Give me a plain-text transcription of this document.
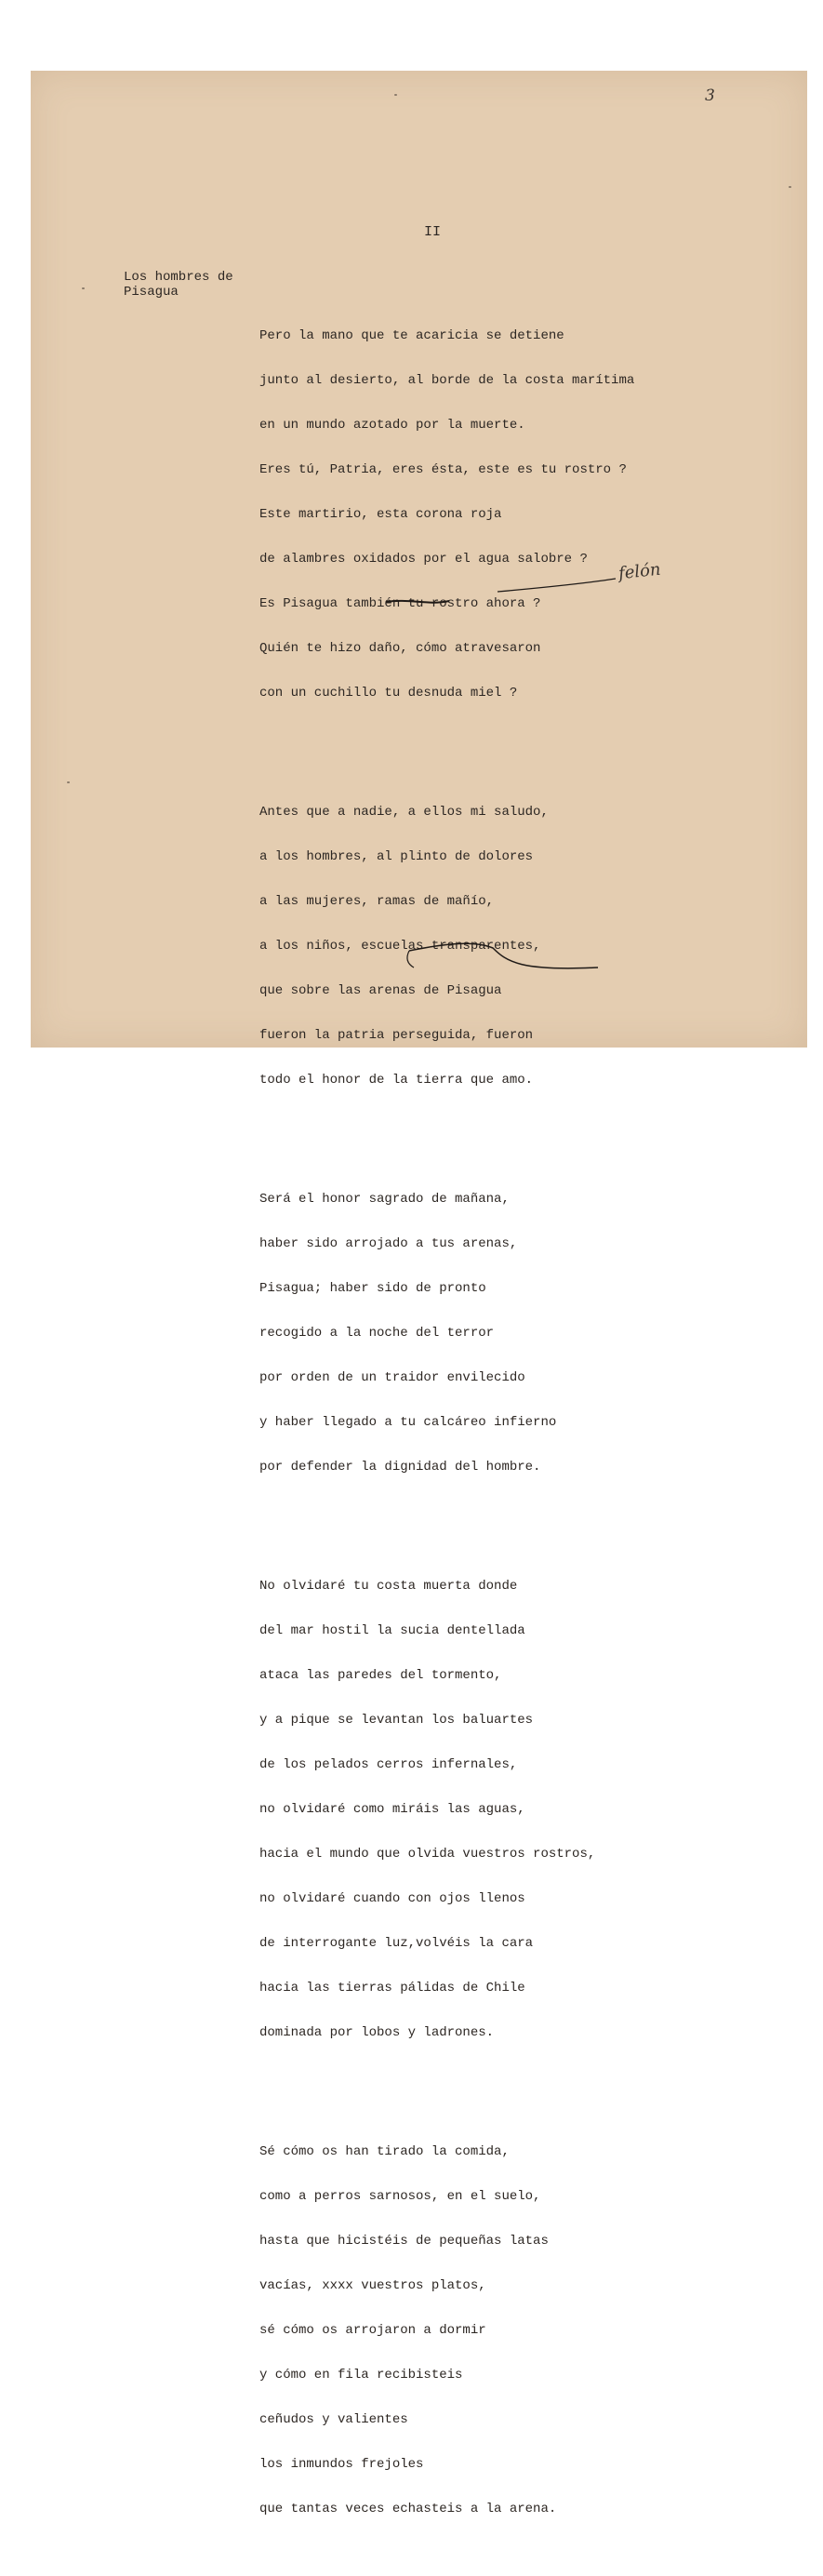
3
II
Los hombres de
Pisagua

Pero la mano que te acaricia se detiene

junto al desierto, al borde de la costa marítima

en un mundo azotado por la muerte.

Eres tú, Patria, eres ésta, este es tu rostro ?

Este martirio, esta corona roja

de alambres oxidados por el agua salobre ?

Es Pisagua también tu rostro ahora ?

Quién te hizo daño, cómo atravesaron

con un cuchillo tu desnuda miel ?

Antes que a nadie, a ellos mi saludo,

a los hombres, al plinto de dolores

a las mujeres, ramas de mañío,

a los niños, escuelas transparentes,

que sobre las arenas de Pisagua

fueron la patria perseguida, fueron

todo el honor de la tierra que amo.

Será el honor sagrado de mañana,

haber sido arrojado a tus arenas,

Pisagua; haber sido de pronto

recogido a la noche del terror

por orden de un traidor envilecido

y haber llegado a tu calcáreo infierno

por defender la dignidad del hombre.

No olvidaré tu costa muerta donde

del mar hostil la sucia dentellada

ataca las paredes del tormento,

y a pique se levantan los baluartes

de los pelados cerros infernales,

no olvidaré como miráis las aguas,

hacia el mundo que olvida vuestros rostros,

no olvidaré cuando con ojos llenos

de interrogante luz,volvéis la cara

hacia las tierras pálidas de Chile

dominada por lobos y ladrones.

Sé cómo os han tirado la comida,

como a perros sarnosos, en el suelo,

hasta que hicistéis de pequeñas latas

vacías, xxxx vuestros platos,

sé cómo os arrojaron a dormir

y cómo en fila recibisteis

ceñudos y valientes

los inmundos frejoles

que tantas veces echasteis a la arena.

felón
